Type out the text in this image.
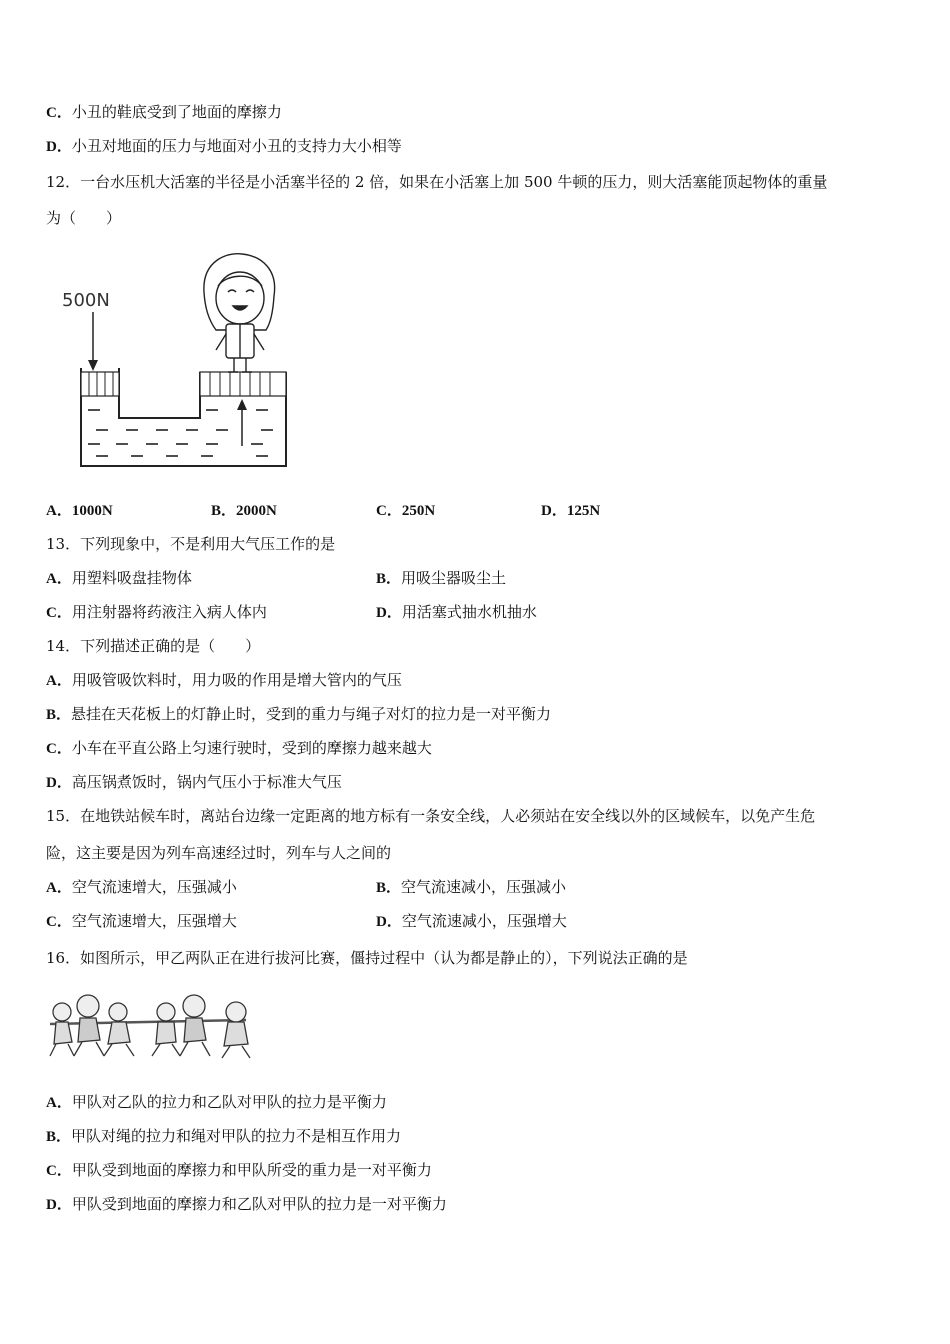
C．小丑的鞋底受到了地面的摩擦力
D．小丑对地面的压力与地面对小丑的支持力大小相等
12．一台水压机大活塞的半径是小活塞半径的 2 倍，如果在小活塞上加 500 牛顿的压力，则大活塞能顶起物体的重量
为（　　）
500N
A．1000N	B．2000N	C．250N	D．125N
13．下列现象中，不是利用大气压工作的是
A．用塑料吸盘挂物体	B．用吸尘器吸尘土
C．用注射器将药液注入病人体内	D．用活塞式抽水机抽水
14．下列描述正确的是（　　）
A．用吸管吸饮料时，用力吸的作用是增大管内的气压
B．悬挂在天花板上的灯静止时，受到的重力与绳子对灯的拉力是一对平衡力
C．小车在平直公路上匀速行驶时，受到的摩擦力越来越大
D．高压锅煮饭时，锅内气压小于标准大气压
15．在地铁站候车时，离站台边缘一定距离的地方标有一条安全线，人必须站在安全线以外的区域候车，以免产生危
险，这主要是因为列车高速经过时，列车与人之间的
A．空气流速增大，压强减小	B．空气流速减小，压强减小
C．空气流速增大，压强增大	D．空气流速减小，压强增大
16．如图所示，甲乙两队正在进行拔河比赛，僵持过程中（认为都是静止的），下列说法正确的是
A．甲队对乙队的拉力和乙队对甲队的拉力是平衡力
B．甲队对绳的拉力和绳对甲队的拉力不是相互作用力
C．甲队受到地面的摩擦力和甲队所受的重力是一对平衡力
D．甲队受到地面的摩擦力和乙队对甲队的拉力是一对平衡力
